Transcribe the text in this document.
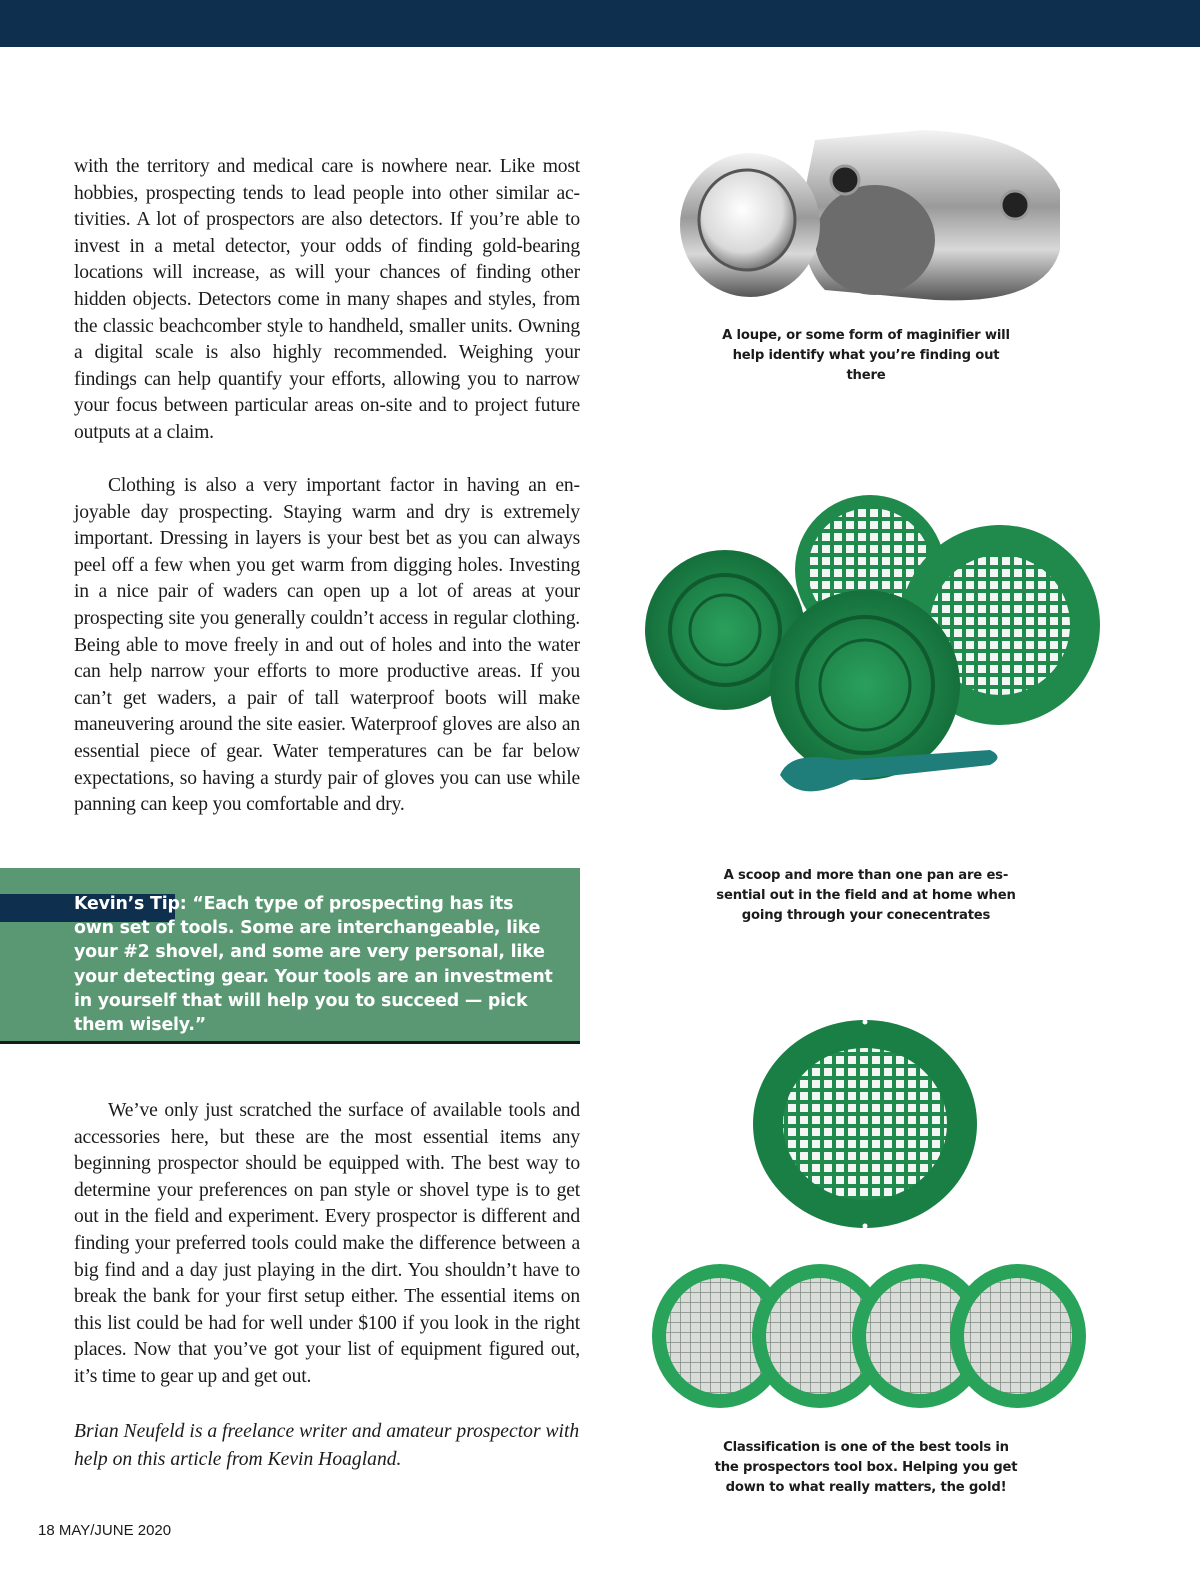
with the territory and medical care is nowhere near. Like most hobbies, prospecting tends to lead people into other similar activities. A lot of prospectors are also detectors. If you’re able to invest in a metal detector, your odds of finding gold-bearing locations will increase, as will your chances of finding other hidden objects. Detectors come in many shapes and styles, from the classic beachcomber style to handheld, smaller units. Owning a digital scale is also highly recommended. Weighing your findings can help quantify your efforts, allowing you to narrow your focus between particular areas on-site and to project future outputs at a claim.

Clothing is also a very important factor in having an enjoyable day prospecting. Staying warm and dry is extremely important. Dressing in layers is your best bet as you can always peel off a few when you get warm from digging holes. Investing in a nice pair of waders can open up a lot of areas at your prospecting site you generally couldn’t access in regular clothing. Being able to move freely in and out of holes and into the water can help narrow your efforts to more productive areas. If you can’t get waders, a pair of tall waterproof boots will make maneuvering around the site easier. Waterproof gloves are also an essential piece of gear. Water temperatures can be far below expectations, so having a sturdy pair of gloves you can use while panning can keep you comfortable and dry.

Kevin’s Tip: “Each type of prospecting has its own set of tools. Some are interchangeable, like your #2 shovel, and some are very personal, like your detecting gear. Your tools are an investment in yourself that will help you to succeed — pick them wisely.”

We’ve only just scratched the surface of available tools and accessories here, but these are the most essential items any beginning prospector should be equipped with. The best way to determine your preferences on pan style or shovel type is to get out in the field and experiment. Every prospector is different and finding your preferred tools could make the difference between a big find and a day just playing in the dirt. You shouldn’t have to break the bank for your first setup either. The essential items on this list could be had for well under $100 if you look in the right places. Now that you’ve got your list of equipment figured out, it’s time to gear up and get out.

Brian Neufeld is a freelance writer and amateur prospector with help on this article from Kevin Hoagland.

A loupe, or some form of maginifier will help identify what you’re finding out there

A scoop and more than one pan are essential out in the field and at home when going through your conecentrates

Classification is one of the best tools in the prospectors tool box. Helping you get down to what really matters, the gold!

18 MAY/JUNE 2020
